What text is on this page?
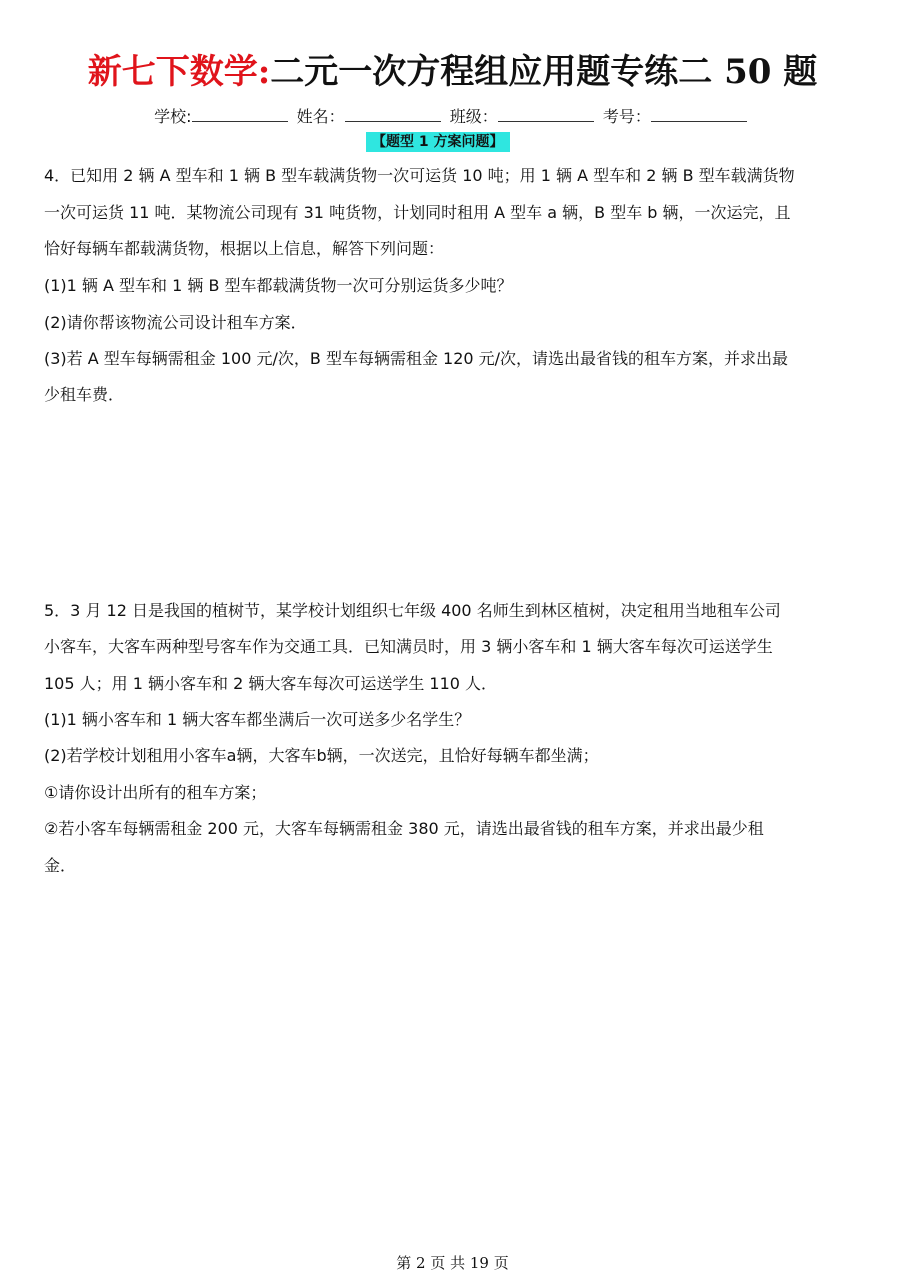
新七下数学:二元一次方程组应用题专练二 50 题
学校:	姓名：	班级：	考号：
【题型 1 方案问题】
4．已知用 2 辆 A 型车和 1 辆 B 型车载满货物一次可运货 10 吨；用 1 辆 A 型车和 2 辆 B 型车载满货物
一次可运货 11 吨．某物流公司现有 31 吨货物，计划同时租用 A 型车 a 辆，B 型车 b 辆，一次运完，且
恰好每辆车都载满货物，根据以上信息，解答下列问题：
(1)1 辆 A 型车和 1 辆 B 型车都载满货物一次可分别运货多少吨？
(2)请你帮该物流公司设计租车方案．
(3)若 A 型车每辆需租金 100 元/次，B 型车每辆需租金 120 元/次，请选出最省钱的租车方案，并求出最
少租车费．
5．3 月 12 日是我国的植树节，某学校计划组织七年级 400 名师生到林区植树，决定租用当地租车公司
小客车，大客车两种型号客车作为交通工具．已知满员时，用 3 辆小客车和 1 辆大客车每次可运送学生
105 人；用 1 辆小客车和 2 辆大客车每次可运送学生 110 人．
(1)1 辆小客车和 1 辆大客车都坐满后一次可送多少名学生？
(2)若学校计划租用小客车a辆，大客车b辆，一次送完，且恰好每辆车都坐满；
①请你设计出所有的租车方案；
②若小客车每辆需租金 200 元，大客车每辆需租金 380 元，请选出最省钱的租车方案，并求出最少租
金．
第 2 页 共 19 页
